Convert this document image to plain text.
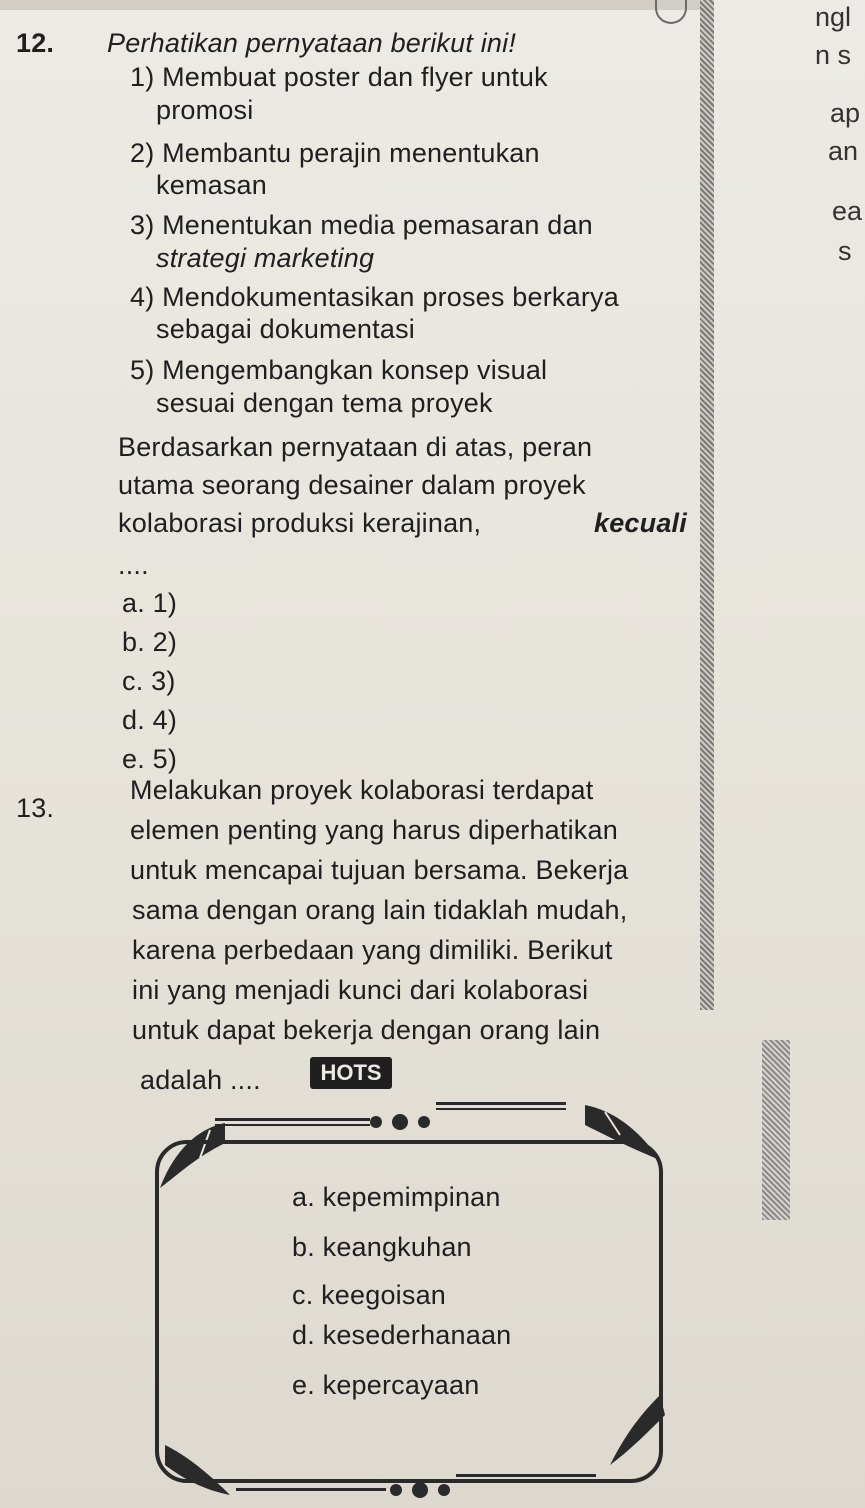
ngl
n s
ap
an
ea
s
12. Perhatikan pernyataan berikut ini!
1) Membuat poster dan flyer untuk
promosi
2) Membantu perajin menentukan
kemasan
3) Menentukan media pemasaran dan
strategi marketing
4) Mendokumentasikan proses berkarya
sebagai dokumentasi
5) Mengembangkan konsep visual
sesuai dengan tema proyek
Berdasarkan pernyataan di atas, peran
utama seorang desainer dalam proyek
kolaborasi produksi kerajinan,	kecuali
....
a. 1)
b. 2)
c. 3)
d. 4)
e. 5)
13.
Melakukan proyek kolaborasi terdapat
elemen penting yang harus diperhatikan
untuk mencapai tujuan bersama. Bekerja
sama dengan orang lain tidaklah mudah,
karena perbedaan yang dimiliki. Berikut
ini yang menjadi kunci dari kolaborasi
untuk dapat bekerja dengan orang lain
adalah ....	HOTS
a. kepemimpinan
b. keangkuhan
c. keegoisan
d. kesederhanaan
e. kepercayaan
